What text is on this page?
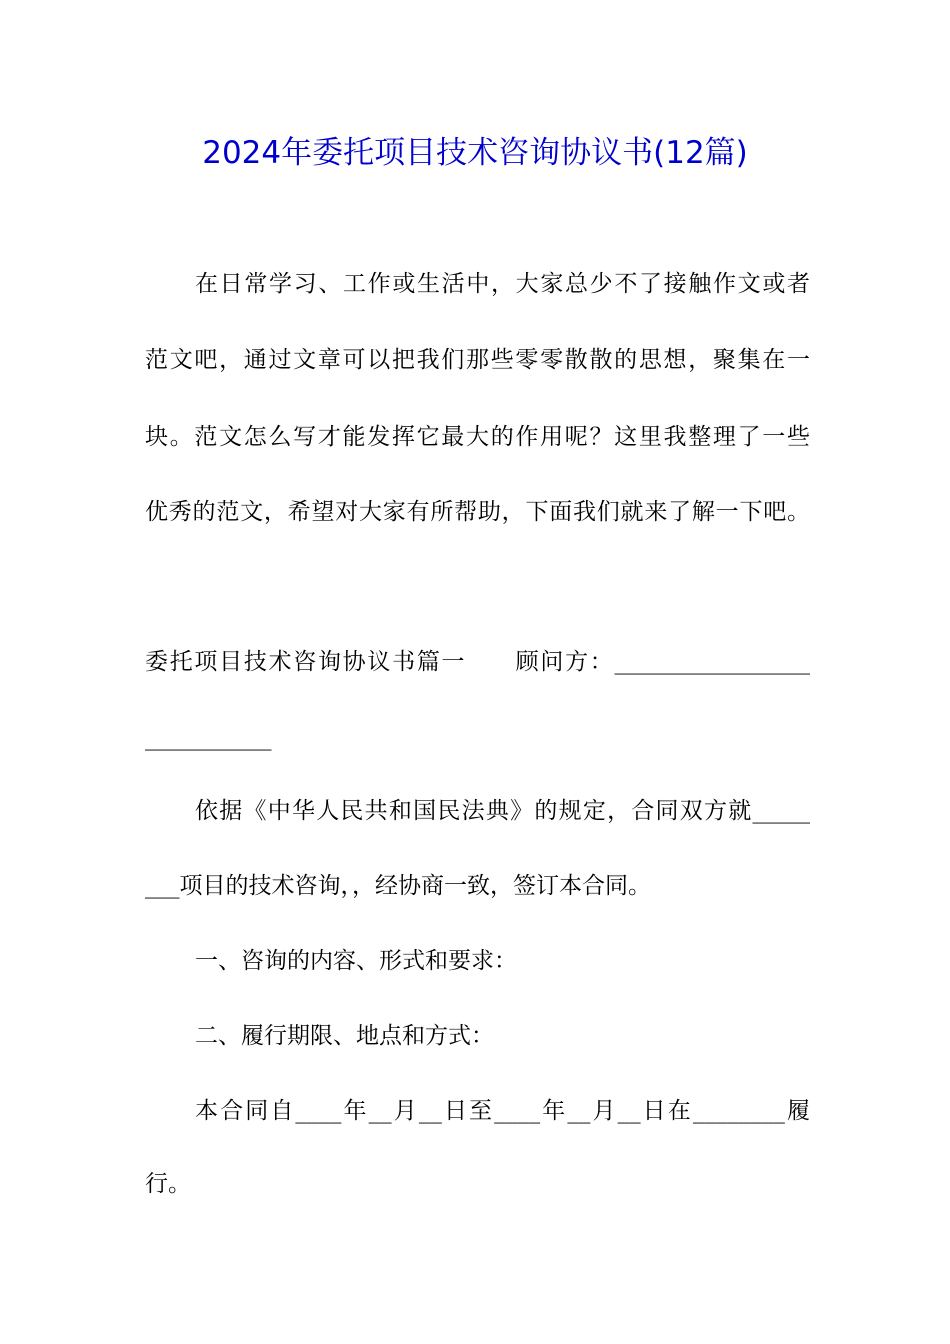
2024年委托项目技术咨询协议书(12篇)

在日常学习、工作或生活中，大家总少不了接触作文或者

范文吧，通过文章可以把我们那些零零散散的思想，聚集在一

块。范文怎么写才能发挥它最大的作用呢？这里我整理了一些

优秀的范文，希望对大家有所帮助，下面我们就来了解一下吧。

委托项目技术咨询协议书篇一　　顾问方：_________________

___________

依据《中华人民共和国民法典》的规定，合同双方就_____

___项目的技术咨询，，经协商一致，签订本合同。

一、咨询的内容、形式和要求：

二、履行期限、地点和方式：

本合同自____年__月__日至____年__月__日在________履

行。
